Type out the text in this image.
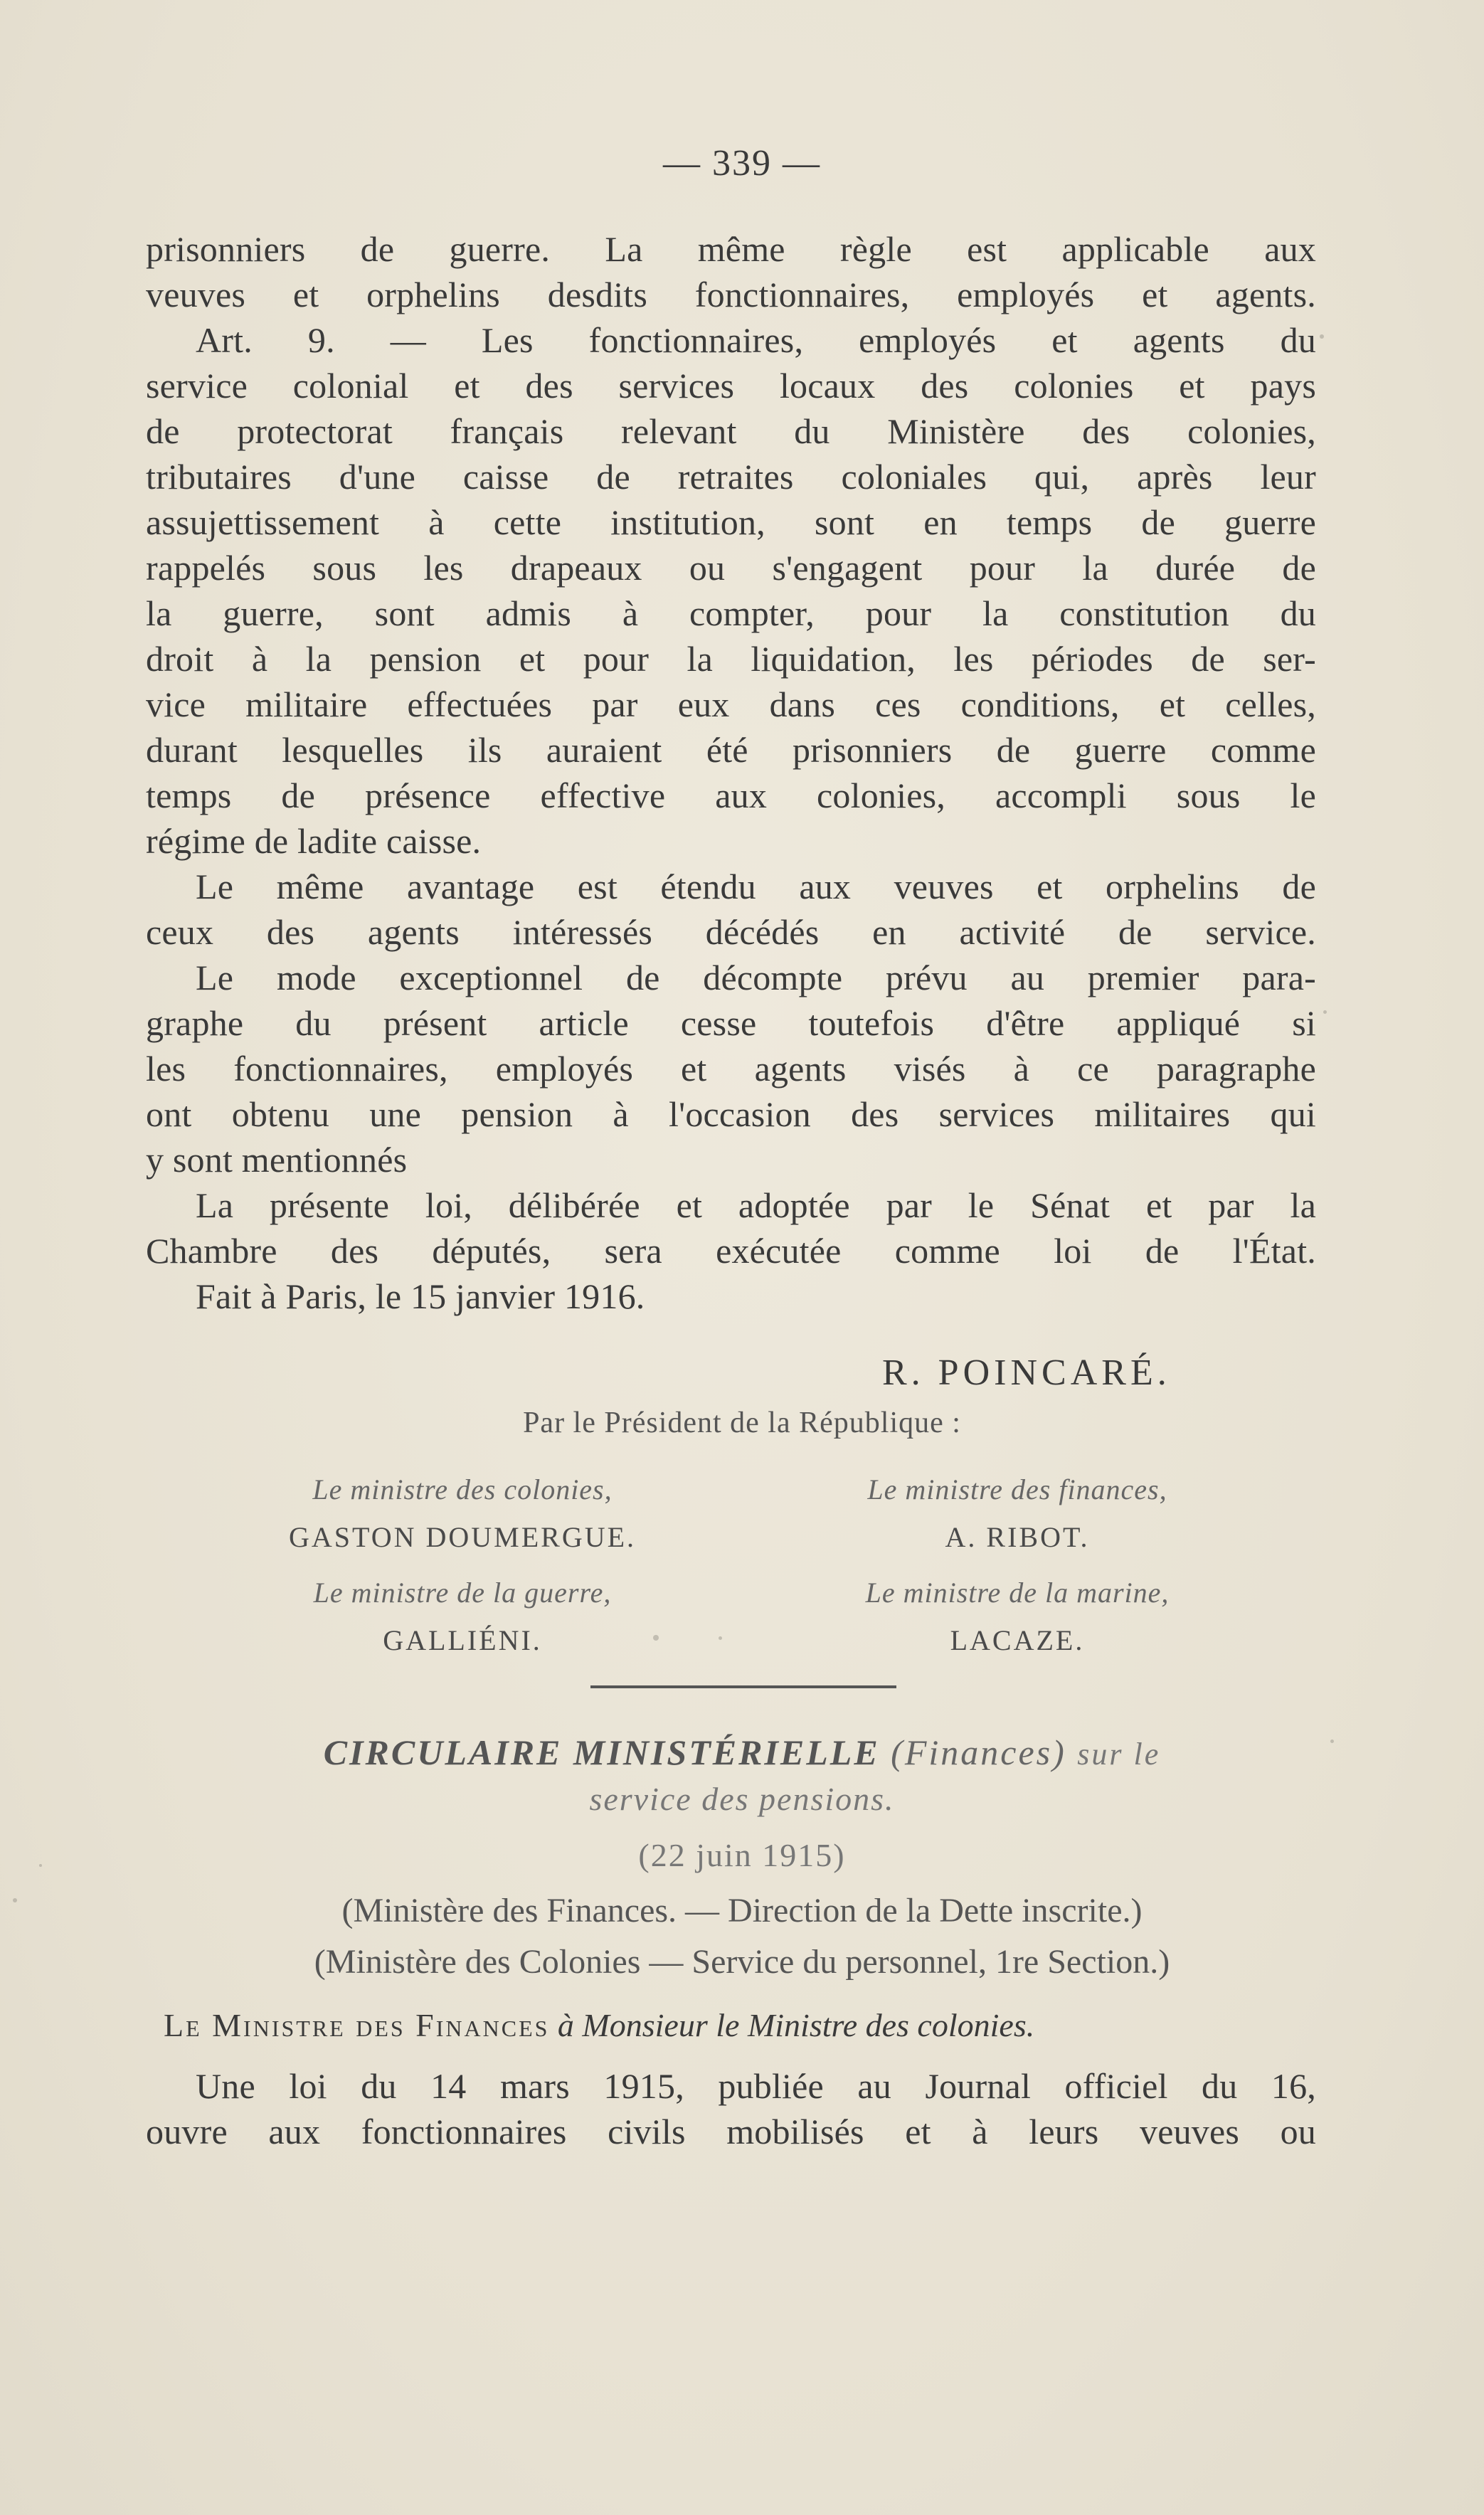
— 339 —
prisonniers de guerre. La même règle est applicable aux
veuves et orphelins desdits fonctionnaires, employés et agents.
Art. 9. — Les fonctionnaires, employés et agents du
service colonial et des services locaux des colonies et pays
de protectorat français relevant du Ministère des colonies,
tributaires d'une caisse de retraites coloniales qui, après leur
assujettissement à cette institution, sont en temps de guerre
rappelés sous les drapeaux ou s'engagent pour la durée de
la guerre, sont admis à compter, pour la constitution du
droit à la pension et pour la liquidation, les périodes de ser-
vice militaire effectuées par eux dans ces conditions, et celles,
durant lesquelles ils auraient été prisonniers de guerre comme
temps de présence effective aux colonies, accompli sous le
régime de ladite caisse.
Le même avantage est étendu aux veuves et orphelins de
ceux des agents intéressés décédés en activité de service.
Le mode exceptionnel de décompte prévu au premier para-
graphe du présent article cesse toutefois d'être appliqué si
les fonctionnaires, employés et agents visés à ce paragraphe
ont obtenu une pension à l'occasion des services militaires qui
y sont mentionnés
La présente loi, délibérée et adoptée par le Sénat et par la
Chambre des députés, sera exécutée comme loi de l'État.
Fait à Paris, le 15 janvier 1916.
R. POINCARÉ.
Par le Président de la République :
Le ministre des colonies,
GASTON DOUMERGUE.
Le ministre des finances,
A. RIBOT.
Le ministre de la guerre,
GALLIÉNI.
Le ministre de la marine,
LACAZE.
CIRCULAIRE MINISTÉRIELLE (Finances) sur le
service des pensions.
(22 juin 1915)
(Ministère des Finances. — Direction de la Dette inscrite.)
(Ministère des Colonies — Service du personnel, 1re Section.)
Le Ministre des Finances à Monsieur le Ministre des colonies.
Une loi du 14 mars 1915, publiée au Journal officiel du 16,
ouvre aux fonctionnaires civils mobilisés et à leurs veuves ou
